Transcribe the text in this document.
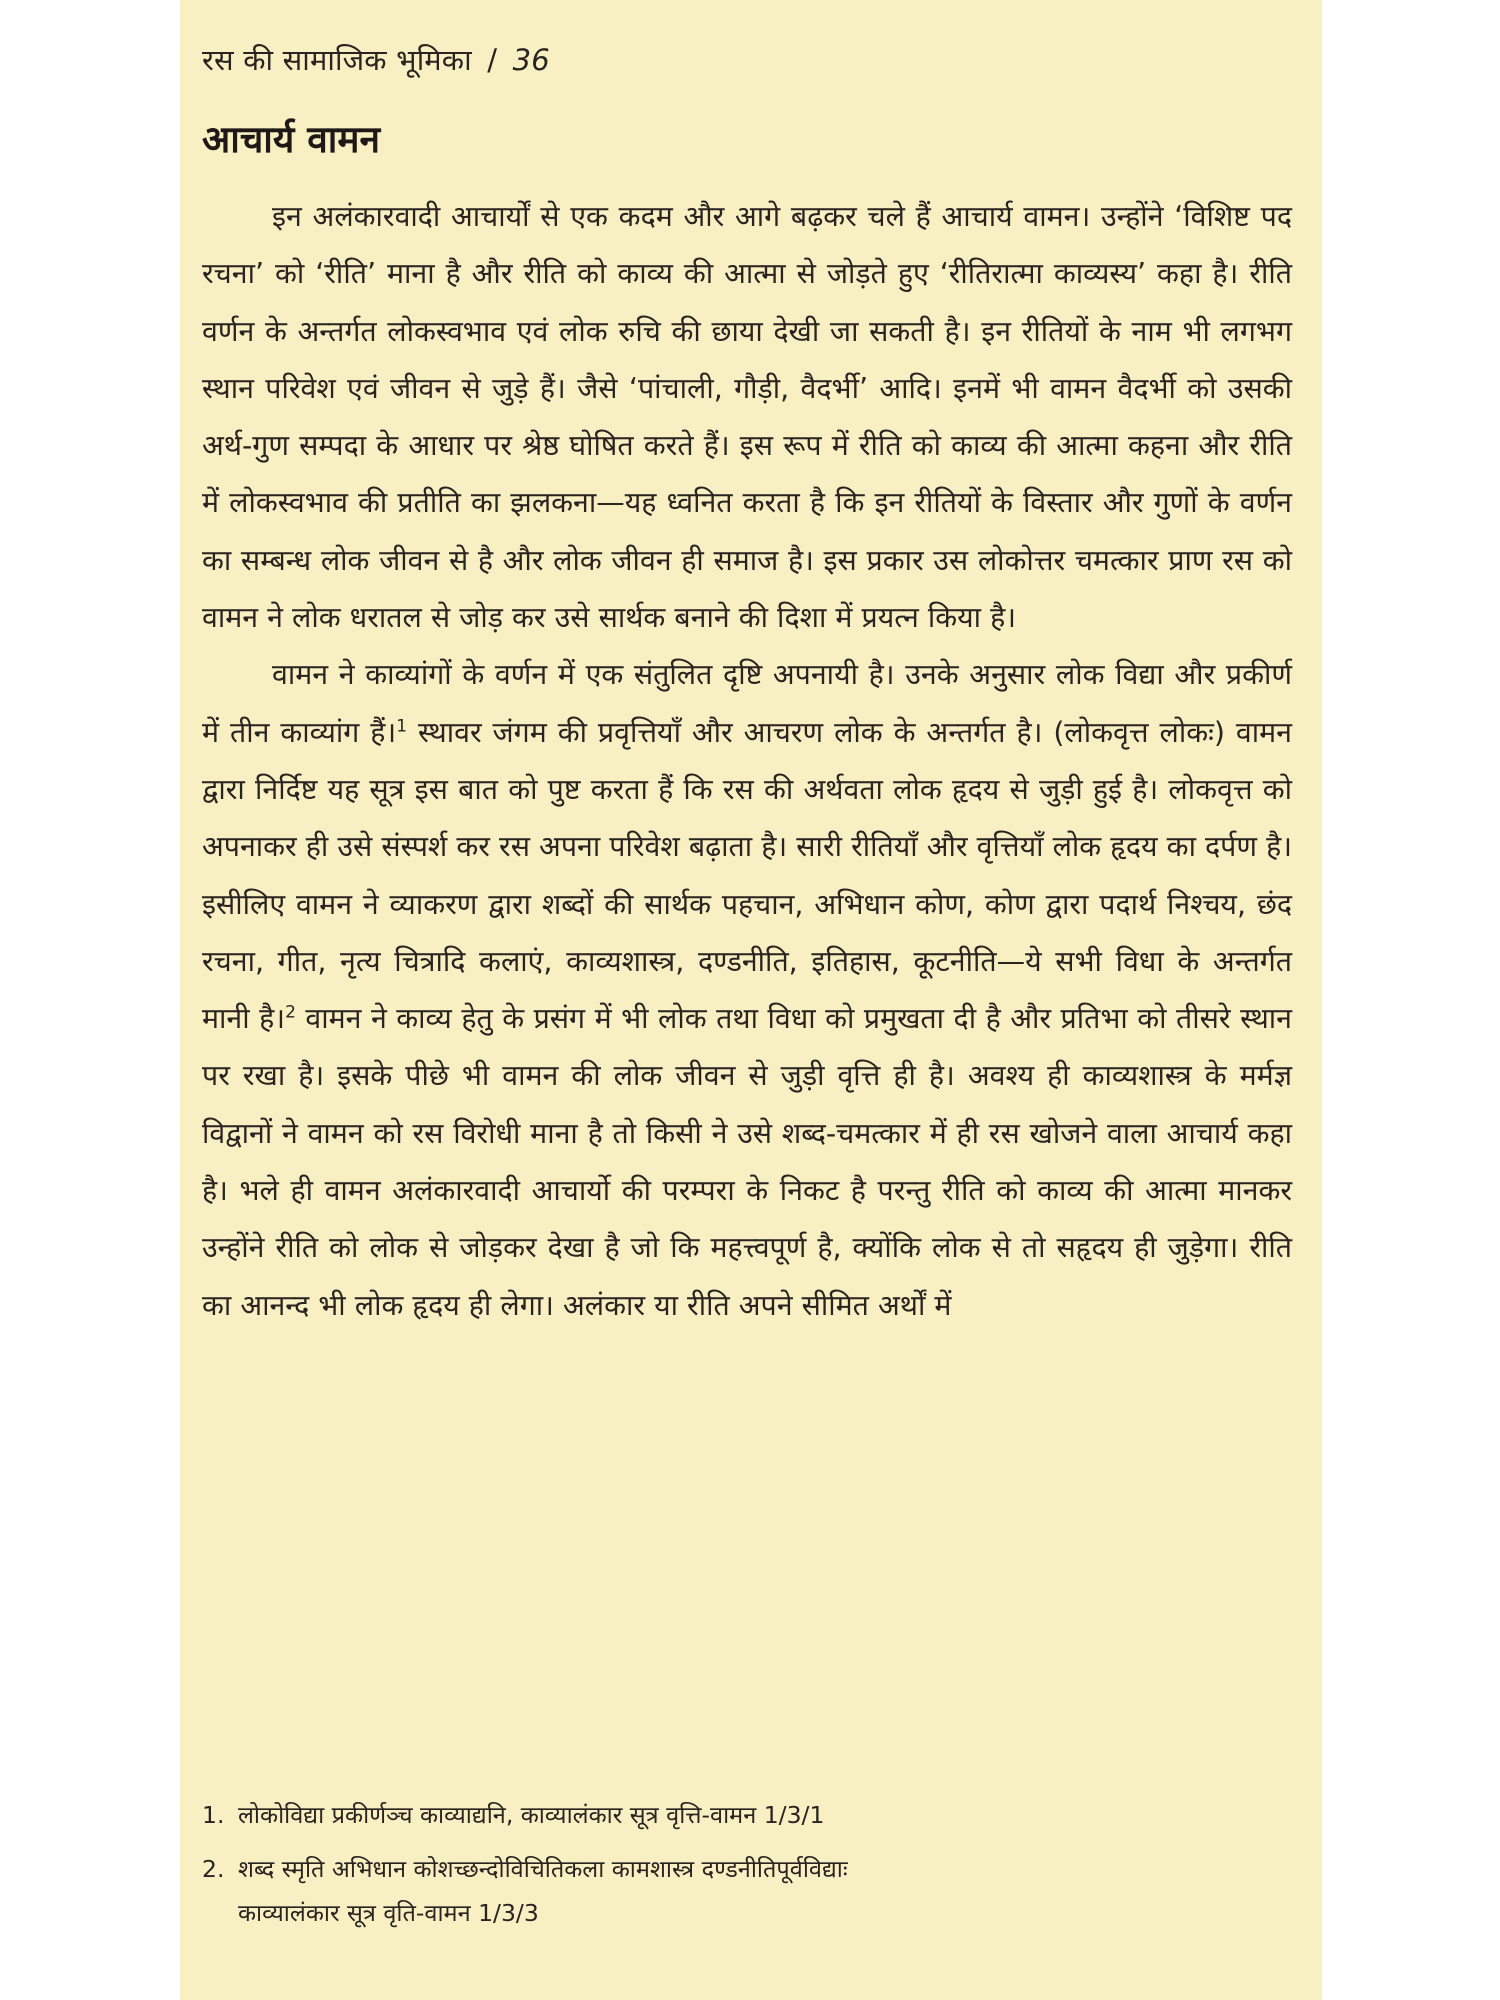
रस की सामाजिक भूमिका / 36
आचार्य वामन

इन अलंकारवादी आचार्यों से एक कदम और आगे बढ़कर चले हैं आचार्य वामन। उन्होंने ‘विशिष्ट पद रचना’ को ‘रीति’ माना है और रीति को काव्य की आत्मा से जोड़ते हुए ‘रीतिरात्मा काव्यस्य’ कहा है। रीति वर्णन के अन्तर्गत लोकस्वभाव एवं लोक रुचि की छाया देखी जा सकती है। इन रीतियों के नाम भी लगभग स्थान परिवेश एवं जीवन से जुड़े हैं। जैसे ‘पांचाली, गौड़ी, वैदर्भी’ आदि। इनमें भी वामन वैदर्भी को उसकी अर्थ-गुण सम्पदा के आधार पर श्रेष्ठ घोषित करते हैं। इस रूप में रीति को काव्य की आत्मा कहना और रीति में लोकस्वभाव की प्रतीति का झलकना—यह ध्वनित करता है कि इन रीतियों के विस्तार और गुणों के वर्णन का सम्बन्ध लोक जीवन से है और लोक जीवन ही समाज है। इस प्रकार उस लोकोत्तर चमत्कार प्राण रस को वामन ने लोक धरातल से जोड़ कर उसे सार्थक बनाने की दिशा में प्रयत्न किया है।

वामन ने काव्यांगों के वर्णन में एक संतुलित दृष्टि अपनायी है। उनके अनुसार लोक विद्या और प्रकीर्ण में तीन काव्यांग हैं।$^1$ स्थावर जंगम की प्रवृत्तियाँ और आचरण लोक के अन्तर्गत है। (लोकवृत्त लोकः) वामन द्वारा निर्दिष्ट यह सूत्र इस बात को पुष्ट करता हैं कि रस की अर्थवता लोक हृदय से जुड़ी हुई है। लोकवृत्त को अपनाकर ही उसे संस्पर्श कर रस अपना परिवेश बढ़ाता है। सारी रीतियाँ और वृत्तियाँ लोक हृदय का दर्पण है। इसीलिए वामन ने व्याकरण द्वारा शब्दों की सार्थक पहचान, अभिधान कोण, कोण द्वारा पदार्थ निश्चय, छंद रचना, गीत, नृत्य चित्रादि कलाएं, काव्यशास्त्र, दण्डनीति, इतिहास, कूटनीति—ये सभी विधा के अन्तर्गत मानी है।$^2$ वामन ने काव्य हेतु के प्रसंग में भी लोक तथा विधा को प्रमुखता दी है और प्रतिभा को तीसरे स्थान पर रखा है। इसके पीछे भी वामन की लोक जीवन से जुड़ी वृत्ति ही है। अवश्य ही काव्यशास्त्र के मर्मज्ञ विद्वानों ने वामन को रस विरोधी माना है तो किसी ने उसे शब्द-चमत्कार में ही रस खोजने वाला आचार्य कहा है। भले ही वामन अलंकारवादी आचार्यो की परम्परा के निकट है परन्तु रीति को काव्य की आत्मा मानकर उन्होंने रीति को लोक से जोड़कर देखा है जो कि महत्त्वपूर्ण है, क्योंकि लोक से तो सहृदय ही जुड़ेगा। रीति का आनन्द भी लोक हृदय ही लेगा। अलंकार या रीति अपने सीमित अर्थों में

1. लोकोविद्या प्रकीर्णञ्च काव्याद्यनि, काव्यालंकार सूत्र वृत्ति-वामन 1/3/1

2. शब्द स्मृति अभिधान कोशच्छन्दोविचितिकला कामशास्त्र दण्डनीतिपूर्वविद्याः

काव्यालंकार सूत्र वृति-वामन 1/3/3
